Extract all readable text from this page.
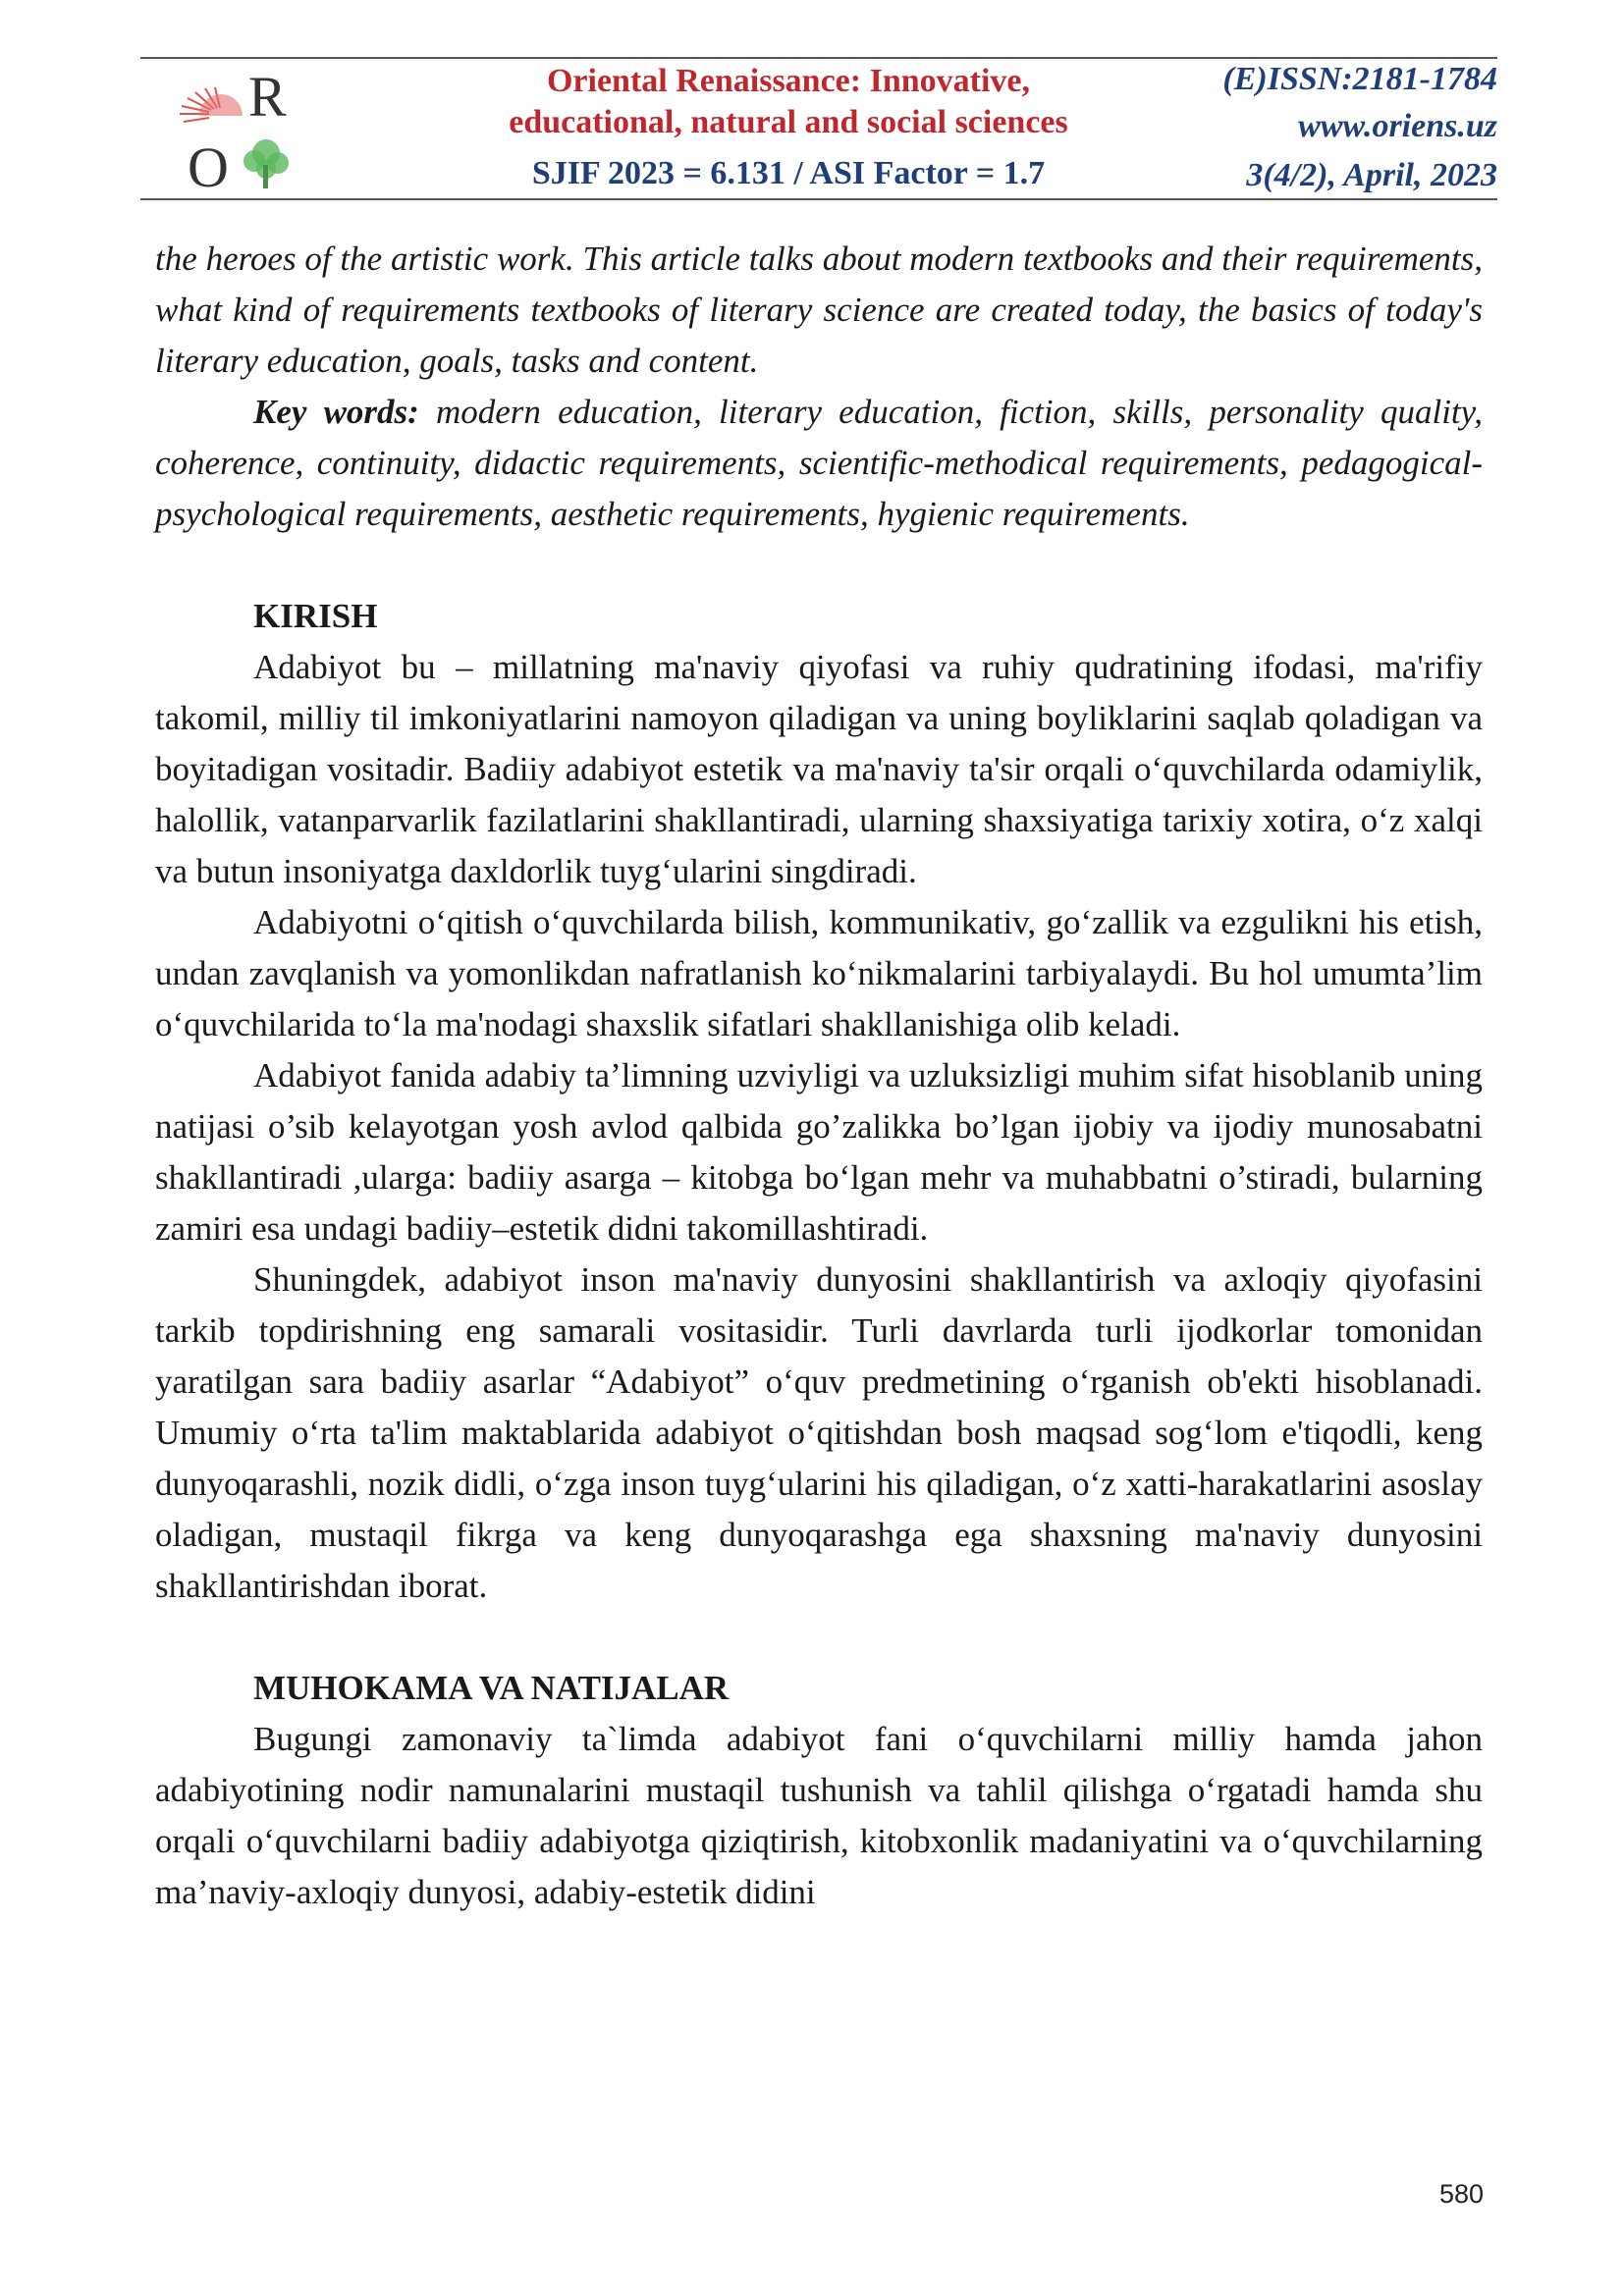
R
O
Oriental Renaissance: Innovative,
educational, natural and social sciences
SJIF 2023 = 6.131 / ASI Factor = 1.7
(E)ISSN:2181-1784
www.oriens.uz
3(4/2), April, 2023

the heroes of the artistic work. This article talks about modern textbooks and their requirements, what kind of requirements textbooks of literary science are created today, the basics of today's literary education, goals, tasks and content.

Key words: modern education, literary education, fiction, skills, personality quality, coherence, continuity, didactic requirements, scientific-methodical requirements, pedagogical-psychological requirements, aesthetic requirements, hygienic requirements.

KIRISH

Adabiyot bu – millatning ma'naviy qiyofasi va ruhiy qudratining ifodasi, ma'rifiy takomil, milliy til imkoniyatlarini namoyon qiladigan va uning boyliklarini saqlab qoladigan va boyitadigan vositadir. Badiiy adabiyot estetik va ma'naviy ta'sir orqali o‘quvchilarda odamiylik, halollik, vatanparvarlik fazilatlarini shakllantiradi, ularning shaxsiyatiga tarixiy xotira, o‘z xalqi va butun insoniyatga daxldorlik tuyg‘ularini singdiradi.

Adabiyotni o‘qitish o‘quvchilarda bilish, kommunikativ, go‘zallik va ezgulikni his etish, undan zavqlanish va yomonlikdan nafratlanish ko‘nikmalarini tarbiyalaydi. Bu hol umumta’lim o‘quvchilarida to‘la ma'nodagi shaxslik sifatlari shakllanishiga olib keladi.

Adabiyot fanida adabiy ta’limning uzviyligi va uzluksizligi muhim sifat hisoblanib uning natijasi o’sib kelayotgan yosh avlod qalbida go’zalikka bo’lgan ijobiy va ijodiy munosabatni shakllantiradi ,ularga: badiiy asarga – kitobga bo‘lgan mehr va muhabbatni o’stiradi, bularning zamiri esa undagi badiiy–estetik didni takomillashtiradi.

Shuningdek, adabiyot inson ma'naviy dunyosini shakllantirish va axloqiy qiyofasini tarkib topdirishning eng samarali vositasidir. Turli davrlarda turli ijodkorlar tomonidan yaratilgan sara badiiy asarlar “Adabiyot” o‘quv predmetining o‘rganish ob'ekti hisoblanadi. Umumiy o‘rta ta'lim maktablarida adabiyot o‘qitishdan bosh maqsad sog‘lom e'tiqodli, keng dunyoqarashli, nozik didli, o‘zga inson tuyg‘ularini his qiladigan, o‘z xatti-harakatlarini asoslay oladigan, mustaqil fikrga va keng dunyoqarashga ega shaxsning ma'naviy dunyosini shakllantirishdan iborat.

MUHOKAMA VA NATIJALAR

Bugungi zamonaviy ta`limda adabiyot fani o‘quvchilarni milliy hamda jahon adabiyotining nodir namunalarini mustaqil tushunish va tahlil qilishga o‘rgatadi hamda shu orqali o‘quvchilarni badiiy adabiyotga qiziqtirish, kitobxonlik madaniyatini va o‘quvchilarning ma’naviy-axloqiy dunyosi, adabiy-estetik didini

580
